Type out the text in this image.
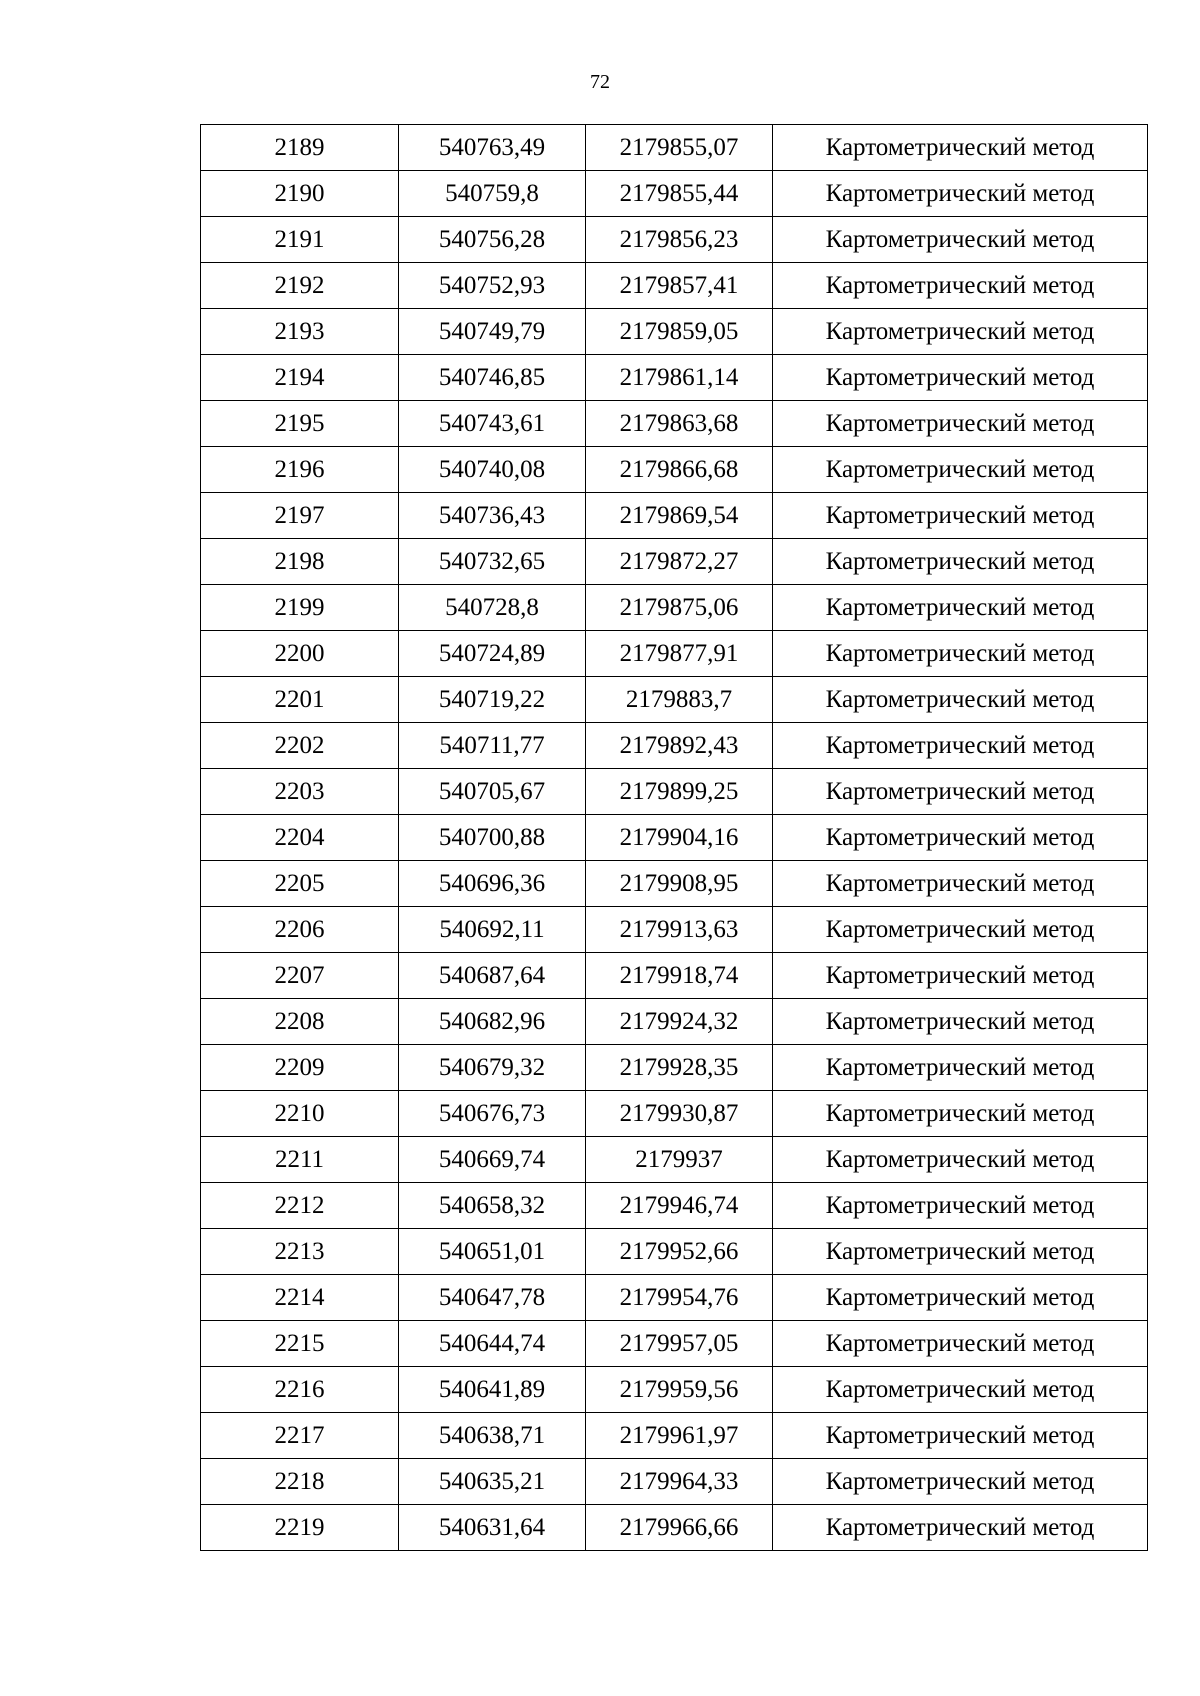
72
2189	540763,49	2179855,07	Картометрический метод
2190	540759,8	2179855,44	Картометрический метод
2191	540756,28	2179856,23	Картометрический метод
2192	540752,93	2179857,41	Картометрический метод
2193	540749,79	2179859,05	Картометрический метод
2194	540746,85	2179861,14	Картометрический метод
2195	540743,61	2179863,68	Картометрический метод
2196	540740,08	2179866,68	Картометрический метод
2197	540736,43	2179869,54	Картометрический метод
2198	540732,65	2179872,27	Картометрический метод
2199	540728,8	2179875,06	Картометрический метод
2200	540724,89	2179877,91	Картометрический метод
2201	540719,22	2179883,7	Картометрический метод
2202	540711,77	2179892,43	Картометрический метод
2203	540705,67	2179899,25	Картометрический метод
2204	540700,88	2179904,16	Картометрический метод
2205	540696,36	2179908,95	Картометрический метод
2206	540692,11	2179913,63	Картометрический метод
2207	540687,64	2179918,74	Картометрический метод
2208	540682,96	2179924,32	Картометрический метод
2209	540679,32	2179928,35	Картометрический метод
2210	540676,73	2179930,87	Картометрический метод
2211	540669,74	2179937	Картометрический метод
2212	540658,32	2179946,74	Картометрический метод
2213	540651,01	2179952,66	Картометрический метод
2214	540647,78	2179954,76	Картометрический метод
2215	540644,74	2179957,05	Картометрический метод
2216	540641,89	2179959,56	Картометрический метод
2217	540638,71	2179961,97	Картометрический метод
2218	540635,21	2179964,33	Картометрический метод
2219	540631,64	2179966,66	Картометрический метод
